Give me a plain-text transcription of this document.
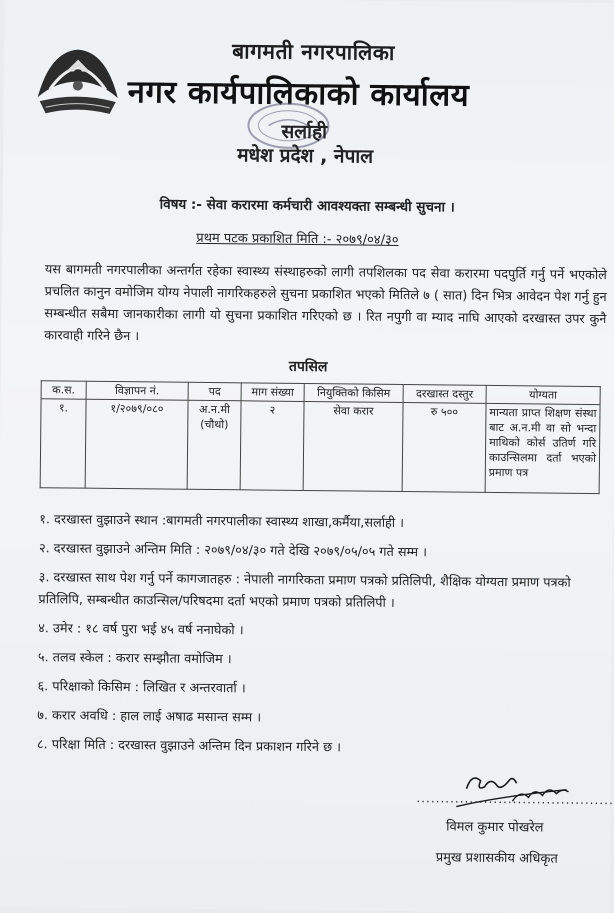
बागमती नगरपालिका
नगर कार्यपालिकाको कार्यालय
सर्लाही
मधेश प्रदेश , नेपाल
विषय :- सेवा करारमा कर्मचारी आवश्यक्ता सम्बन्धी सुचना ।
प्रथम पटक प्रकाशित मिति :- २०७९/०४/३०
यस बागमती नगरपालीका अन्तर्गत रहेका स्वास्थ्य संस्थाहरुको लागी तपशिलका पद सेवा करारमा पदपुर्ति गर्नु पर्ने भएकोले प्रचलित कानुन वमोजिम योग्य नेपाली नागरिकहरुले सुचना प्रकाशित भएको मितिले ७ ( सात) दिन भित्र आवेदन पेश गर्नु हुन सम्बन्धीत सबैमा जानकारीका लागी यो सुचना प्रकाशित गरिएको छ । रित नपुगी वा म्याद नाघि आएको दरखास्त उपर कुनै कारवाही गरिने छैन ।
तपसिल
क.स.	विज्ञापन नं.	पद	माग संख्या	नियुक्तिको किसिम	दरखास्त दस्तुर	योग्यता
१.	१/२०७९/०८०	अ.न.मी (चौथो)	२	सेवा करार	रु ५००	मान्यता प्राप्त शिक्षण संस्था बाट अ.न.मी वा सो भन्दा माथिको कोर्स उतिर्ण गरि काउन्सिलमा दर्ता भएको प्रमाण पत्र
१. दरखास्त वुझाउने स्थान :बागमती नगरपालीका स्वास्थ्य शाखा,कर्मैया,सर्लाही ।
२. दरखास्त वुझाउने अन्तिम मिति : २०७९/०४/३० गते देखि २०७९/०५/०५ गते सम्म ।
३. दरखास्त साथ पेश गर्नु पर्ने कागजातहरु : नेपाली नागरिकता प्रमाण पत्रको प्रतिलिपी, शैक्षिक योग्यता प्रमाण पत्रको प्रतिलिपि, सम्बन्धीत काउन्सिल/परिषदमा दर्ता भएको प्रमाण पत्रको प्रतिलिपी ।
४. उमेर : १८ वर्ष पुरा भई ४५ वर्ष ननाघेको ।
५. तलव स्केल : करार सम्झौता वमोजिम ।
६. परिक्षाको किसिम : लिखित र अन्तरवार्ता ।
७. करार अवधि : हाल लाई अषाढ मसान्त सम्म ।
८. परिक्षा मिति : दरखास्त वुझाउने अन्तिम दिन प्रकाशन गरिने छ ।
.........................................
विमल कुमार पोखरेल
प्रमुख प्रशासकीय अधिकृत
